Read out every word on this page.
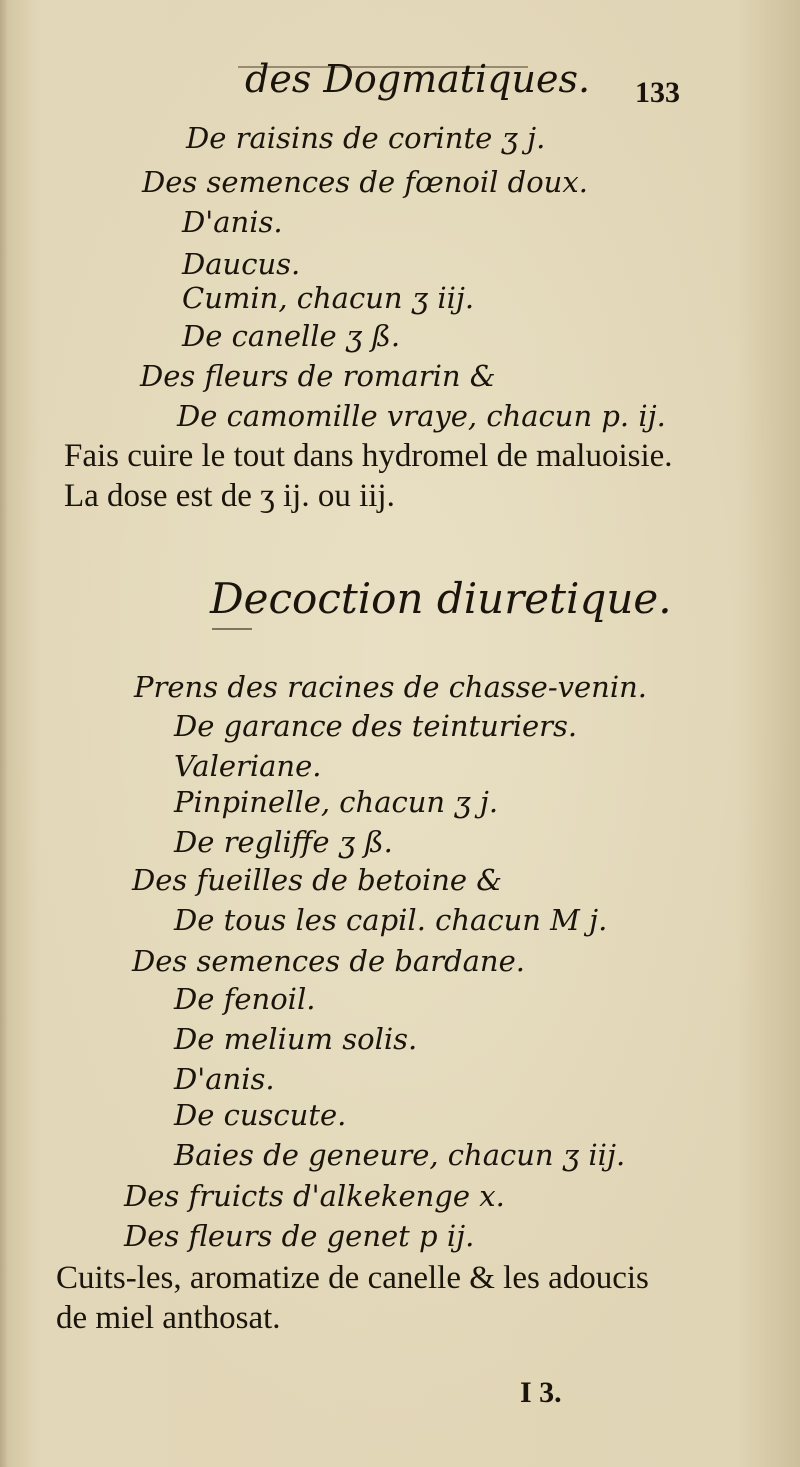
des Dogmatiques. 133
De raisins de corinte ʒ j.
Des semences de fœnoil doux.
D'anis.
Daucus.
Cumin, chacun ʒ iij.
De canelle ʒ ß.
Des fleurs de romarin &
De camomille vraye, chacun p. ij.
Fais cuire le tout dans hydromel de maluoisie.
La dose est de ʒ ij. ou iij.
Decoction diuretique.
Prens des racines de chasse-venin.
De garance des teinturiers.
Valeriane.
Pinpinelle, chacun ʒ j.
De regliffe ʒ ß.
Des fueilles de betoine &
De tous les capil. chacun M j.
Des semences de bardane.
De fenoil.
De melium solis.
D'anis.
De cuscute.
Baies de geneure, chacun ʒ iij.
Des fruicts d'alkekenge x.
Des fleurs de genet p ij.
Cuits-les, aromatize de canelle & les adoucis
de miel anthosat.
I 3.
